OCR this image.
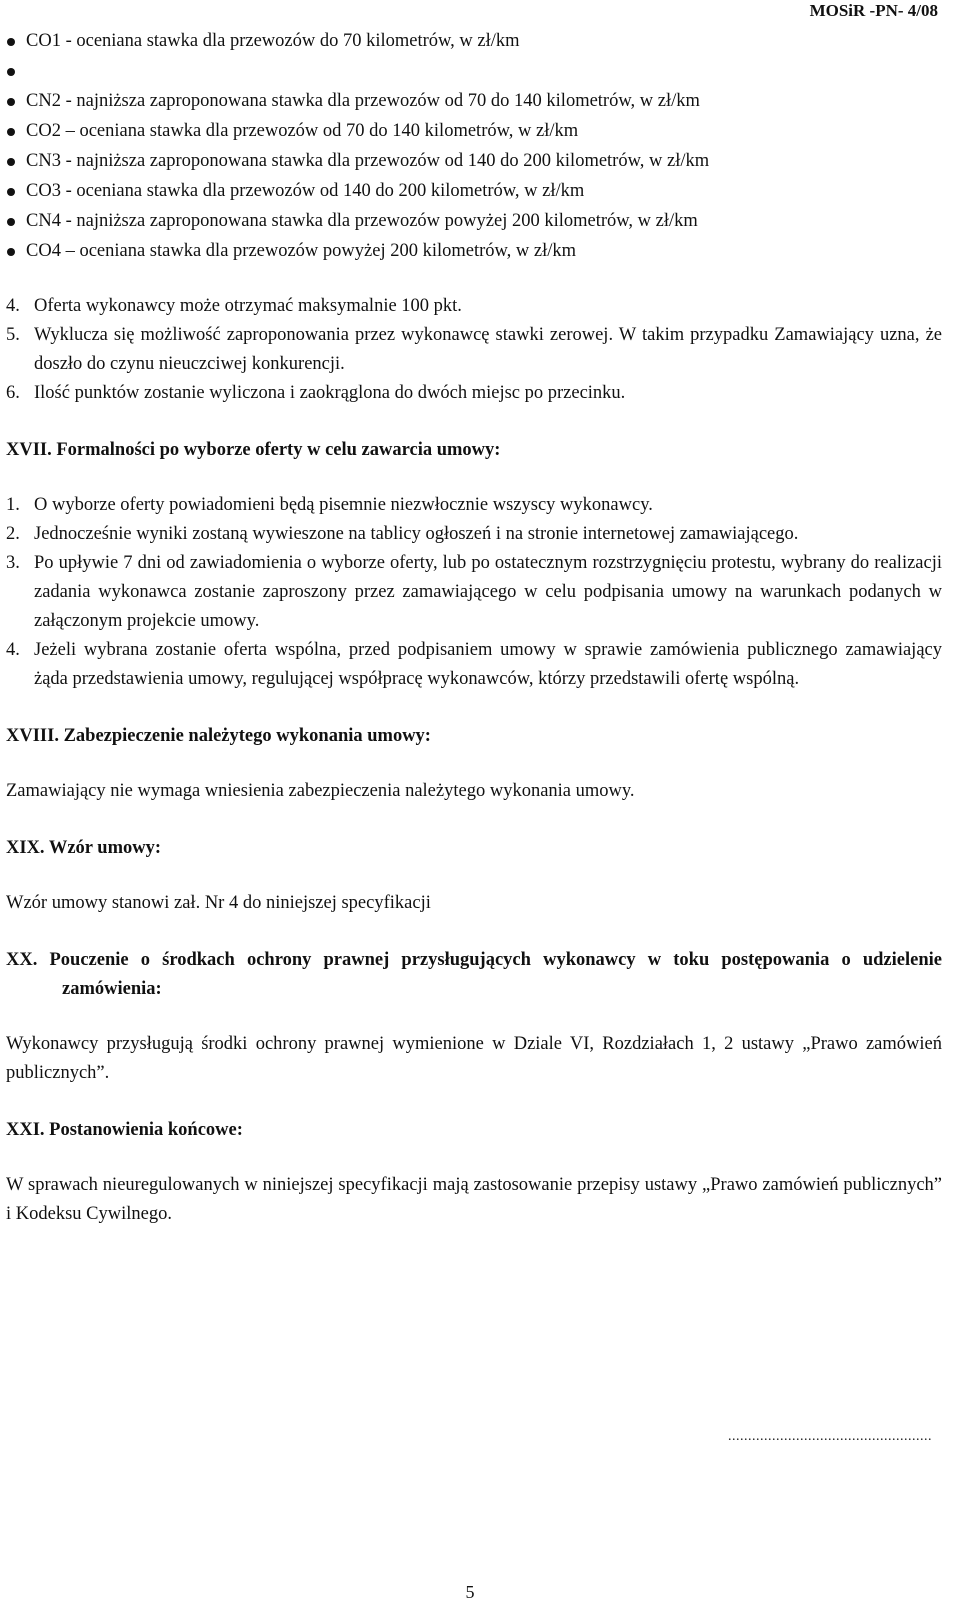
MOSiR -PN- 4/08
CO1 - oceniana stawka dla przewozów do 70 kilometrów, w zł/km
CN2 - najniższa zaproponowana stawka dla przewozów od 70 do 140 kilometrów, w zł/km
CO2 – oceniana stawka dla przewozów od 70 do 140 kilometrów, w zł/km
CN3 - najniższa zaproponowana stawka dla przewozów od 140 do 200 kilometrów, w zł/km
CO3 - oceniana stawka dla przewozów od 140 do 200 kilometrów, w zł/km
CN4 - najniższa zaproponowana stawka dla przewozów powyżej 200 kilometrów, w zł/km
CO4 – oceniana stawka dla przewozów powyżej 200 kilometrów, w zł/km
4. Oferta wykonawcy może otrzymać maksymalnie 100 pkt.
5. Wyklucza się możliwość zaproponowania przez wykonawcę stawki zerowej. W takim przypadku Zamawiający uzna, że doszło do czynu nieuczciwej konkurencji.
6. Ilość punktów zostanie wyliczona i zaokrąglona do dwóch miejsc po przecinku.
XVII. Formalności po wyborze oferty w celu zawarcia umowy:
1. O wyborze oferty powiadomieni będą pisemnie niezwłocznie wszyscy wykonawcy.
2. Jednocześnie wyniki zostaną wywieszone na tablicy ogłoszeń i na stronie internetowej zamawiającego.
3. Po upływie 7 dni od zawiadomienia o wyborze oferty, lub po ostatecznym rozstrzygnięciu protestu, wybrany do realizacji zadania wykonawca zostanie zaproszony przez zamawiającego w celu podpisania umowy na warunkach podanych w załączonym projekcie umowy.
4. Jeżeli wybrana zostanie oferta wspólna, przed podpisaniem umowy w sprawie zamówienia publicznego zamawiający żąda przedstawienia umowy, regulującej współpracę wykonawców, którzy przedstawili ofertę wspólną.
XVIII. Zabezpieczenie należytego wykonania umowy:

Zamawiający nie wymaga wniesienia zabezpieczenia należytego wykonania umowy.

XIX. Wzór umowy:

Wzór umowy stanowi zał. Nr 4 do niniejszej specyfikacji

XX. Pouczenie o środkach ochrony prawnej przysługujących wykonawcy w toku postępowania o udzielenie zamówienia:

Wykonawcy przysługują środki ochrony prawnej wymienione w Dziale VI, Rozdziałach 1, 2 ustawy „Prawo zamówień publicznych”.

XXI. Postanowienia końcowe:

W sprawach nieuregulowanych w niniejszej specyfikacji mają zastosowanie przepisy ustawy „Prawo zamówień publicznych” i Kodeksu Cywilnego.

...................................................
5
